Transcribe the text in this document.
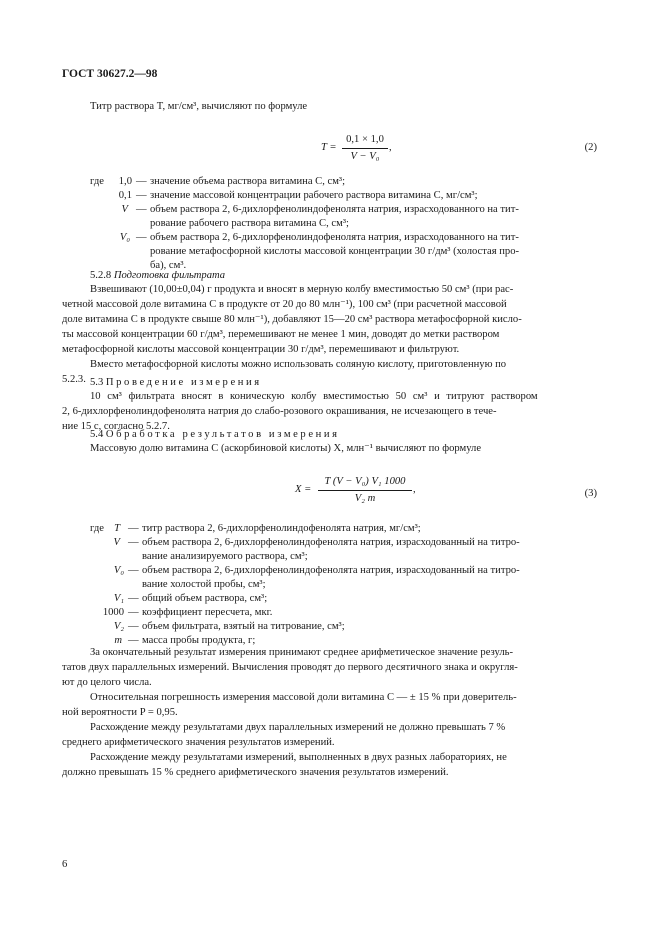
ГОСТ 30627.2—98
Титр раствора T, мг/см³, вычисляют по формуле
$T = \frac{0,1 \times 1,0}{\text{V − V₀}}$ ,	(2)
где	1,0 — значение объема раствора витамина С, см³;
0,1 — значение массовой концентрации рабочего раствора витамина С, мг/см³;
V — объем раствора 2, 6-дихлорфенолиндофенолята натрия, израсходованного на тит-
рование рабочего раствора витамина С, см³;
V₀ — объем раствора 2, 6-дихлорфенолиндофенолята натрия, израсходованного на тит-
рование метафосфорной кислоты массовой концентрации 30 г/дм³ (холостая про-
ба), см³.
5.2.8 Подготовка фильтрата
Взвешивают (10,00±0,04) г продукта и вносят в мерную колбу вместимостью 50 см³ (при рас-
четной массовой доле витамина С в продукте от 20 до 80 млн⁻¹), 100 см³ (при расчетной массовой
доле витамина С в продукте свыше 80 млн⁻¹), добавляют 15—20 см³ раствора метафосфорной кисло-
ты массовой концентрации 60 г/дм³, перемешивают не менее 1 мин, доводят до метки раствором
метафосфорной кислоты массовой концентрации 30 г/дм³, перемешивают и фильтруют.
Вместо метафосфорной кислоты можно использовать соляную кислоту, приготовленную по
5.2.3. 5.3 Проведение измерения
10 см³ фильтрата вносят в коническую колбу вместимостью 50 см³ и титруют раствором
2, 6-дихлорфенолиндофенолята натрия до слабо-розового окрашивания, не исчезающего в тече-
ние 15 с, согласно 5.2.7.
5.4 Обработка результатов измерения
Массовую долю витамина С (аскорбиновой кислоты) X, млн⁻¹ вычисляют по формуле
$X = \frac{\text{T (V − V₀) V₁ 1000}}{\text{V₂ m}}$ ,	(3)
где T — титр раствора 2, 6-дихлорфенолиндофенолята натрия, мг/см³;
V — объем раствора 2, 6-дихлорфенолиндофенолята натрия, израсходованный на титро-
вание анализируемого раствора, см³;
V₀ — объем раствора 2, 6-дихлорфенолиндофенолята натрия, израсходованный на титро-
вание холостой пробы, см³;
V₁ — общий объем раствора, см³;
1000 — коэффициент пересчета, мкг.
V₂ — объем фильтрата, взятый на титрование, см³;
m — масса пробы продукта, г;
За окончательный результат измерения принимают среднее арифметическое значение резуль-
татов двух параллельных измерений. Вычисления проводят до первого десятичного знака и округля-
ют до целого числа.
Относительная погрешность измерения массовой доли витамина С — ± 15 % при доверитель-
ной вероятности P = 0,95.
Расхождение между результатами двух параллельных измерений не должно превышать 7 %
среднего арифметического значения результатов измерений.
Расхождение между результатами измерений, выполненных в двух разных лабораториях, не
должно превышать 15 % среднего арифметического значения результатов измерений.
6
